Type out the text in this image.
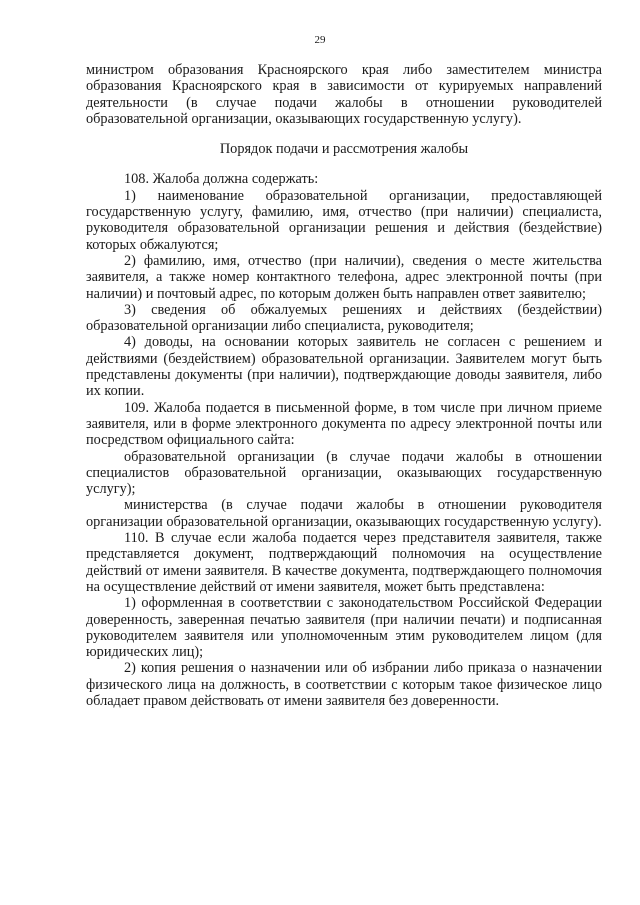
29

министром образования Красноярского края либо заместителем министра образования Красноярского края в зависимости от курируемых направлений деятельности (в случае подачи жалобы в отношении руководителей образовательной организации, оказывающих государственную услугу).

Порядок подачи и рассмотрения жалобы

108. Жалоба должна содержать:

1) наименование образовательной организации, предоставляющей государственную услугу, фамилию, имя, отчество (при наличии) специалиста, руководителя образовательной организации решения и действия (бездействие) которых обжалуются;

2) фамилию, имя, отчество (при наличии), сведения о месте жительства заявителя, а также номер контактного телефона, адрес электронной почты (при наличии) и почтовый адрес, по которым должен быть направлен ответ заявителю;

3) сведения об обжалуемых решениях и действиях (бездействии) образовательной организации либо специалиста, руководителя;

4) доводы, на основании которых заявитель не согласен с решением и действиями (бездействием) образовательной организации. Заявителем могут быть представлены документы (при наличии), подтверждающие доводы заявителя, либо их копии.

109. Жалоба подается в письменной форме, в том числе при личном приеме заявителя, или в форме электронного документа по адресу электронной почты или посредством официального сайта:

образовательной организации (в случае подачи жалобы в отношении специалистов образовательной организации, оказывающих государственную услугу);

министерства (в случае подачи жалобы в отношении руководителя организации образовательной организации, оказывающих государственную услугу).

110. В случае если жалоба подается через представителя заявителя, также представляется документ, подтверждающий полномочия на осуществление действий от имени заявителя. В качестве документа, подтверждающего полномочия на осуществление действий от имени заявителя, может быть представлена:

1) оформленная в соответствии с законодательством Российской Федерации доверенность, заверенная печатью заявителя (при наличии печати) и подписанная руководителем заявителя или уполномоченным этим руководителем лицом (для юридических лиц);

2) копия решения о назначении или об избрании либо приказа о назначении физического лица на должность, в соответствии с которым такое физическое лицо обладает правом действовать от имени заявителя без доверенности.
